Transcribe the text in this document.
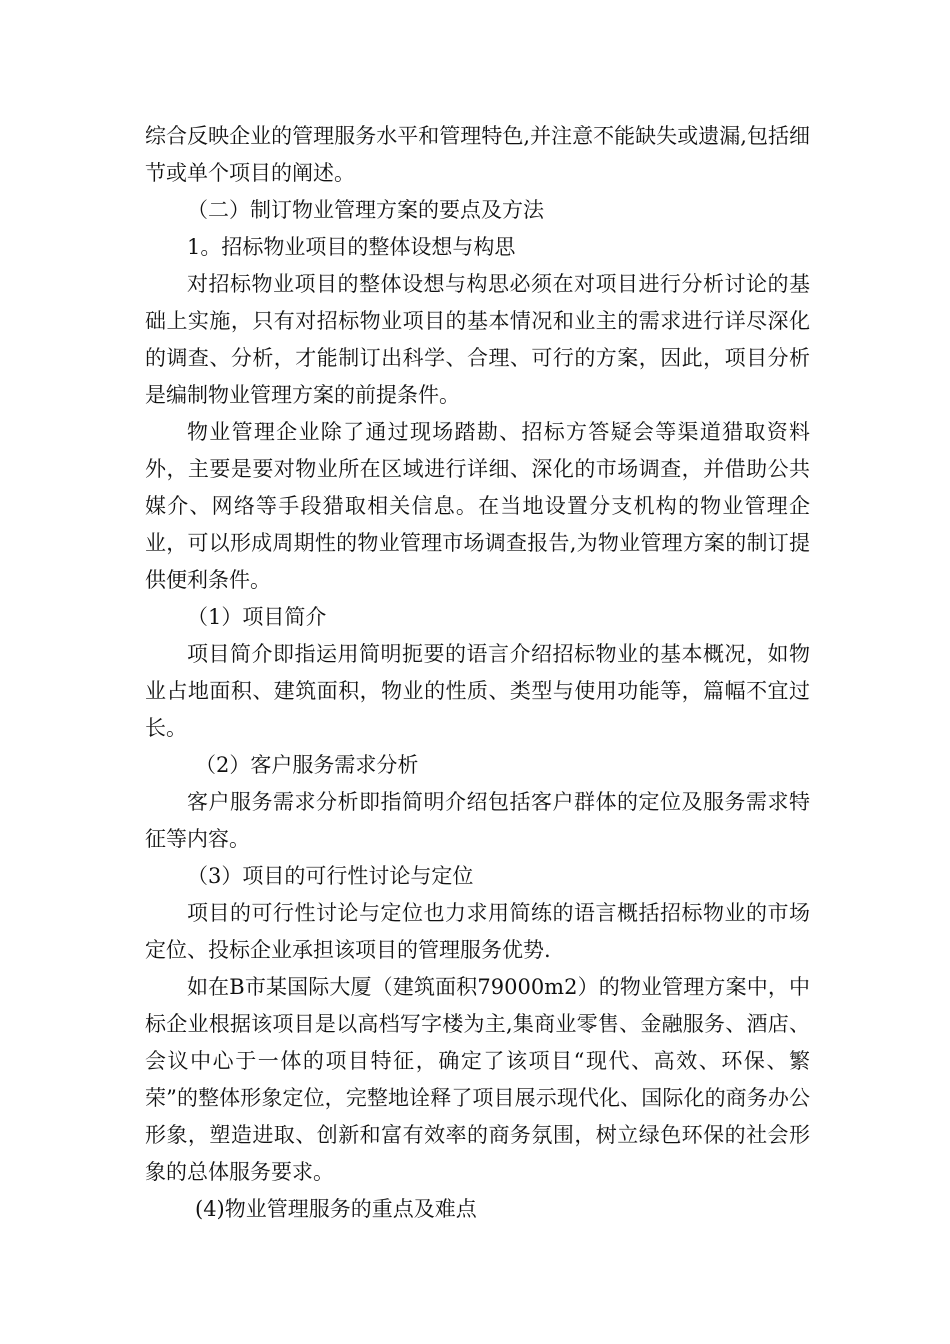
综合反映企业的管理服务水平和管理特色,并注意不能缺失或遗漏,包括细节或单个项目的阐述。

（二）制订物业管理方案的要点及方法

1。招标物业项目的整体设想与构思

对招标物业项目的整体设想与构思必须在对项目进行分析讨论的基础上实施，只有对招标物业项目的基本情况和业主的需求进行详尽深化的调查、分析，才能制订出科学、合理、可行的方案，因此，项目分析是编制物业管理方案的前提条件。

物业管理企业除了通过现场踏勘、招标方答疑会等渠道猎取资料外，主要是要对物业所在区域进行详细、深化的市场调查，并借助公共媒介、网络等手段猎取相关信息。在当地设置分支机构的物业管理企业，可以形成周期性的物业管理市场调查报告,为物业管理方案的制订提供便利条件。

（1）项目简介

项目简介即指运用简明扼要的语言介绍招标物业的基本概况，如物业占地面积、建筑面积，物业的性质、类型与使用功能等，篇幅不宜过长。

（2）客户服务需求分析

客户服务需求分析即指简明介绍包括客户群体的定位及服务需求特征等内容。

（3）项目的可行性讨论与定位

项目的可行性讨论与定位也力求用简练的语言概括招标物业的市场定位、投标企业承担该项目的管理服务优势.

如在B市某国际大厦（建筑面积79000m2）的物业管理方案中，中标企业根据该项目是以高档写字楼为主,集商业零售、金融服务、酒店、会议中心于一体的项目特征，确定了该项目“现代、高效、环保、繁荣”的整体形象定位，完整地诠释了项目展示现代化、国际化的商务办公形象，塑造进取、创新和富有效率的商务氛围，树立绿色环保的社会形象的总体服务要求。

(4)物业管理服务的重点及难点
